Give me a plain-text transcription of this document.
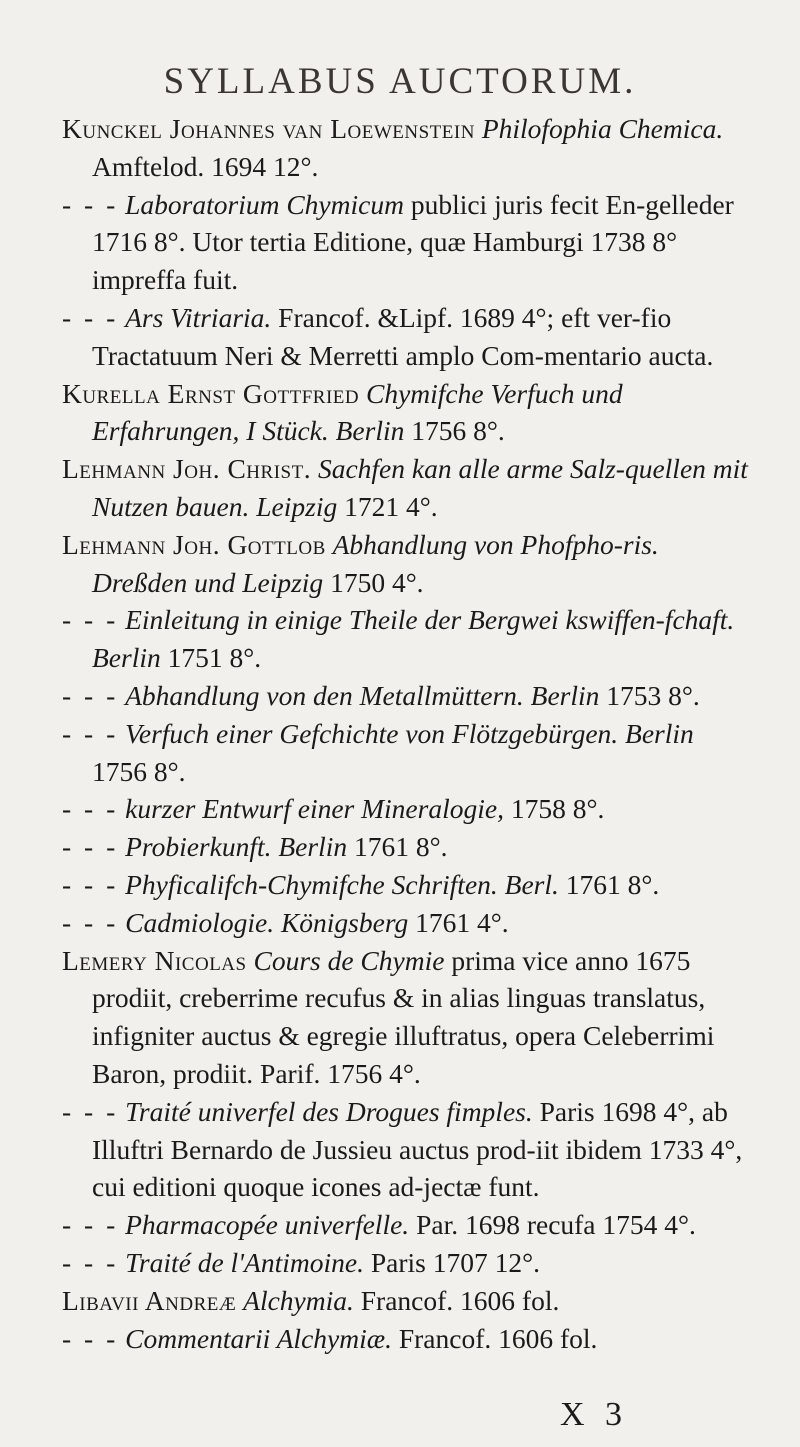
SYLLABUS AUCTORUM.
Kunckel Johannes van Loewenstein Philofophia Chemica. Amftelod. 1694 12°.
- - - Laboratorium Chymicum publici juris fecit En-gelleder 1716 8°. Utor tertia Editione, quæ Hamburgi 1738 8° impreffa fuit.
- - - Ars Vitriaria. Francof. &Lipf. 1689 4°; eft ver-fio Tractatuum Neri & Merretti amplo Com-mentario aucta.
Kurella Ernst Gottfried Chymifche Verfuch und Erfahrungen, I Stück. Berlin 1756 8°.
Lehmann Joh. Christ. Sachfen kan alle arme Salz-quellen mit Nutzen bauen. Leipzig 1721 4°.
Lehmann Joh. Gottlob Abhandlung von Phofpho-ris. Dreßden und Leipzig 1750 4°.
- - - Einleitung in einige Theile der Bergwei kswiffen-fchaft. Berlin 1751 8°.
- - - Abhandlung von den Metallmüttern. Berlin 1753 8°.
- - - Verfuch einer Gefchichte von Flötzgebürgen. Berlin 1756 8°.
- - - kurzer Entwurf einer Mineralogie, 1758 8°.
- - - Probierkunft. Berlin 1761 8°.
- - - Phyficalifch-Chymifche Schriften. Berl. 1761 8°.
- - - Cadmiologie. Königsberg 1761 4°.
Lemery Nicolas Cours de Chymie prima vice anno 1675 prodiit, creberrime recufus & in alias linguas translatus, infigniter auctus & egregie illuftratus, opera Celeberrimi Baron, prodiit. Parif. 1756 4°.
- - - Traité univerfel des Drogues fimples. Paris 1698 4°, ab Illuftri Bernardo de Jussieu auctus prod-iit ibidem 1733 4°, cui editioni quoque icones ad-jectæ funt.
- - - Pharmacopée univerfelle. Par. 1698 recufa 1754 4°.
- - - Traité de l'Antimoine. Paris 1707 12°.
Libavii Andreæ Alchymia. Francof. 1606 fol.
- - - Commentarii Alchymiæ. Francof. 1606 fol.
X 3
